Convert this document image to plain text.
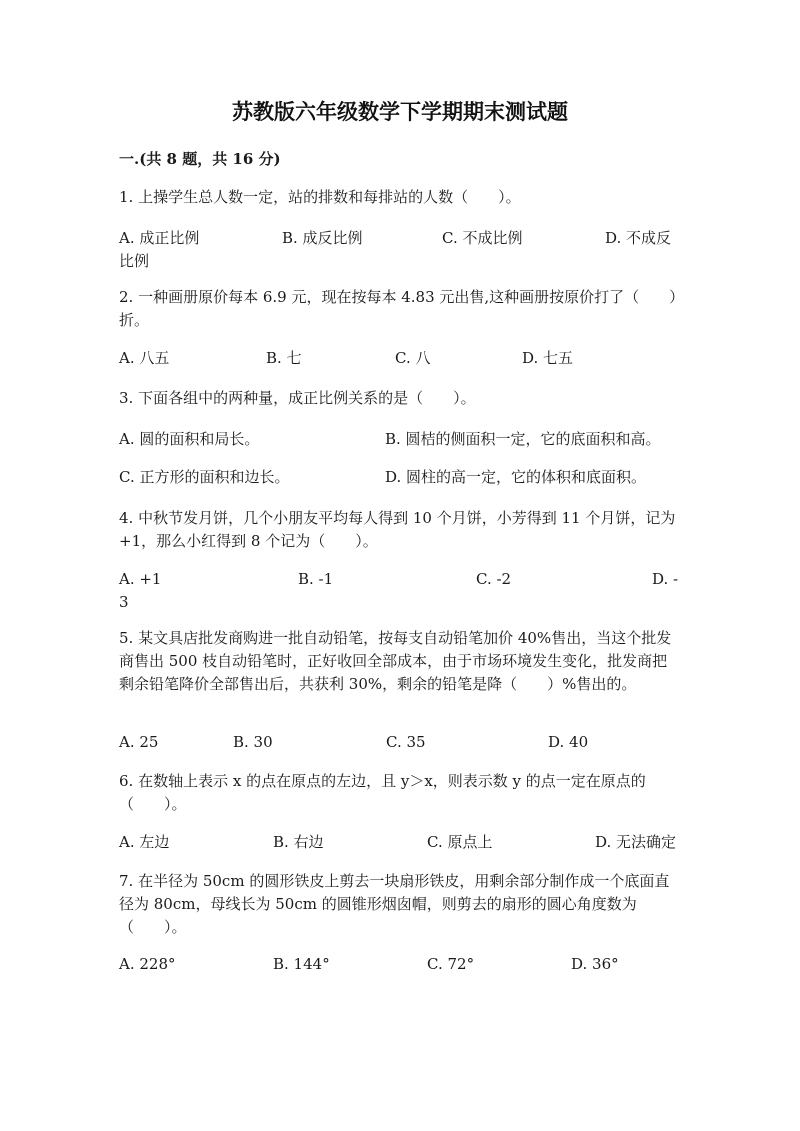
苏教版六年级数学下学期期末测试题
一.(共 8 题，共 16 分)
1. 上操学生总人数一定，站的排数和每排站的人数（　　）。
A. 成正比例	B. 成反比例	C. 不成比例	D. 不成反
比例
2. 一种画册原价每本 6.9 元，现在按每本 4.83 元出售,这种画册按原价打了（　　）折。
A. 八五	B. 七	C. 八	D. 七五
3. 下面各组中的两种量，成正比例关系的是（　　）。
A. 圆的面积和局长。	B. 圆桔的侧面积一定，它的底面积和高。
C. 正方形的面积和边长。	D. 圆柱的高一定，它的体积和底面积。
4. 中秋节发月饼，几个小朋友平均每人得到 10 个月饼，小芳得到 11 个月饼，记为+1，那么小红得到 8 个记为（　　）。
A. +1	B. -1	C. -2	D. -
3
5. 某文具店批发商购进一批自动铅笔，按每支自动铅笔加价 40%售出，当这个批发商售出 500 枝自动铅笔时，正好收回全部成本，由于市场环境发生变化，批发商把剩余铅笔降价全部售出后，共获利 30%，剩余的铅笔是降（　　）%售出的。
A. 25	B. 30	C. 35	D. 40
6. 在数轴上表示 x 的点在原点的左边，且 y＞x，则表示数 y 的点一定在原点的（　　）。
A. 左边	B. 右边	C. 原点上	D. 无法确定
7. 在半径为 50cm 的圆形铁皮上剪去一块扇形铁皮，用剩余部分制作成一个底面直径为 80cm，母线长为 50cm 的圆锥形烟囱帽，则剪去的扇形的圆心角度数为（　　）。
A. 228°	B. 144°	C. 72°	D. 36°
